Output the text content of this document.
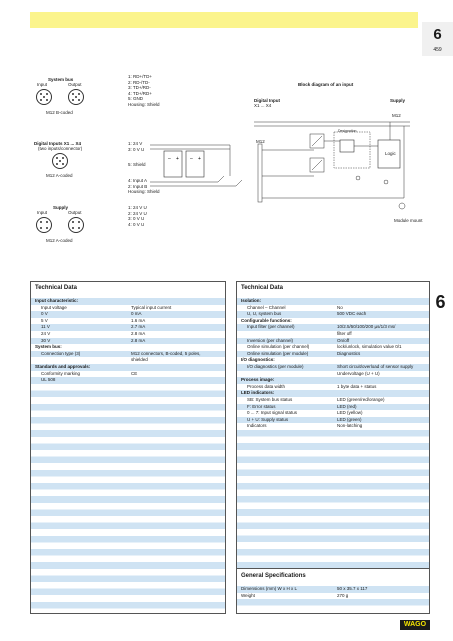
6
459
6
System bus
Input	Output
M12 B-coded
1: RD+/TD+
2: RD-/TD-
3: TD+/RD-
4: TD+/RD+
5: GND
Housing: Shield
Digital Inputs X1 ... X4
(two inputs/connector)
M12 A-coded
1: 24 V
3: 0 V U
5: Shield
4: Input A
2: Input B
Housing: Shield
– + – +
Supply
Input	Output
M12 A-coded
1: 24 V U
2: 24 V U
3: 0 V U
4: 0 V U
Block diagram of an input
Digital Input
X1 ... X4
Supply
M12
M12
Designation
Logic
Module mount
Technical Data
Input characteristic:
Input voltage	Typical input current
0 V	0 mA
5 V	1.6 mA
11 V	2.7 mA
24 V	2.8 mA
30 V	2.8 mA
System bus:
Connection type (3)	M12 connectors, B-coded, 5 poles,
shielded
Standards and approvals:
Conformity marking	CE
UL 508
Technical Data
Isolation:
Channel – Channel	No
U, U, system bus	500 VDC each
Configurable functions:
Input filter (per channel)	10/2.5/50/100/200 µs/1/3 ms/
filter off
Inversion (per channel)	On/off
Online simulation (per channel)	lock/unlock, simulation value 0/1
Online simulation (per module)	Diagnostics
I/O diagnostics:
I/O diagnostics (per module)	Short circuit/overload of sensor supply
Undervoltage (U + U)
Process image:
Process data width	1 byte data + status
LED indicators:
SB: System bus status	LED (green/red/orange)
F: Error status	LED (red)
0 ... 7: Input signal status	LED (yellow)
U + U: Supply status	LED (green)
Indicators	Non-latching
General Specifications
Dimensions (mm) W x H x L	50 x 35.7 x 117
Weight	270 g
WAGO
